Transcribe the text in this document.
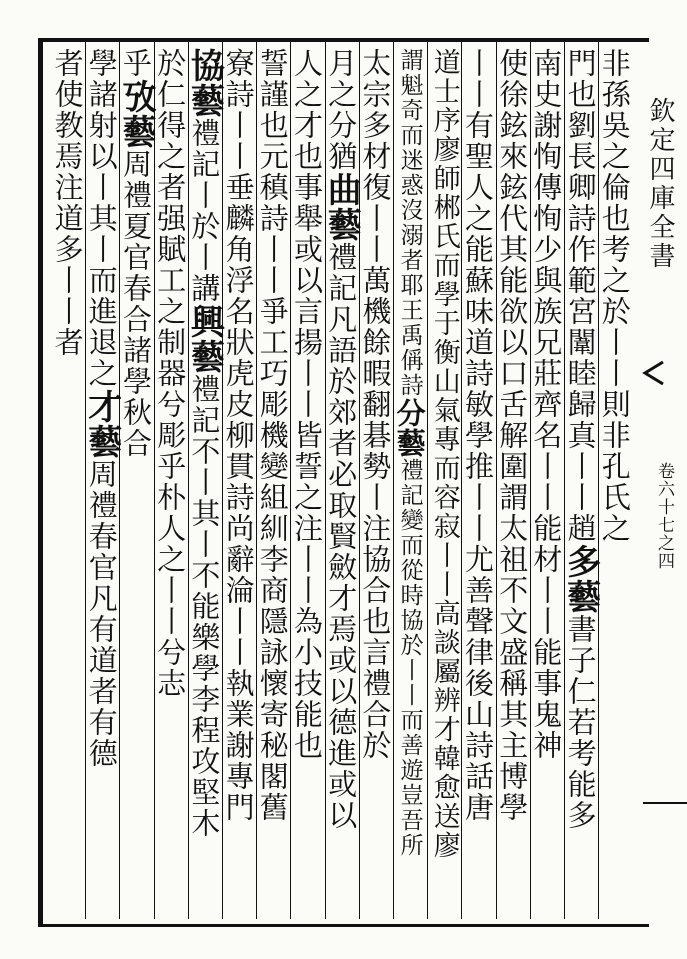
欽定四庫全書
卷六十七之四
非孫吳之倫也考之於丨丨則非孔氏之
門也劉長卿詩作範宮闈睦歸真丨丨趙多藝書子仁若考能多
南史謝恂傳恂少與族兄莊齊名丨丨能材丨丨能事鬼神
使徐鉉來鉉代其能欲以口舌解圍謂太祖不文盛稱其主博學
丨丨有聖人之能蘇味道詩敏學推丨丨尤善聲律後山詩話唐
道士序廖師郴氏而學于衡山氣專而容寂丨丨高談屬辨才韓愈送廖
謂魁奇而迷惑沒溺者耶王禹偁詩分藝禮記變而從時協於丨丨而善遊豈吾所
太宗多材復丨丨萬機餘暇翻碁勢丨注協合也言禮合於
月之分猶曲藝禮記凡語於郊者必取賢斂才焉或以德進或以
人之才也事舉或以言揚丨丨皆誓之注丨丨為小技能也
誓謹也元稹詩丨丨爭工巧彫機變組紃李商隱詠懷寄秘閣舊
寮詩丨丨垂麟角浮名狀虎皮柳貫詩尚辭淪丨丨執業謝專門
協藝禮記丨於丨講興藝禮記不丨其丨不能樂學李程攻堅木
於仁得之者强賦工之制器兮彫乎朴人之丨丨兮志
乎攷藝周禮夏官春合諸學秋合
學諸射以丨其丨而進退之才藝周禮春官凡有道者有德
者使教焉注道多丨丨者
